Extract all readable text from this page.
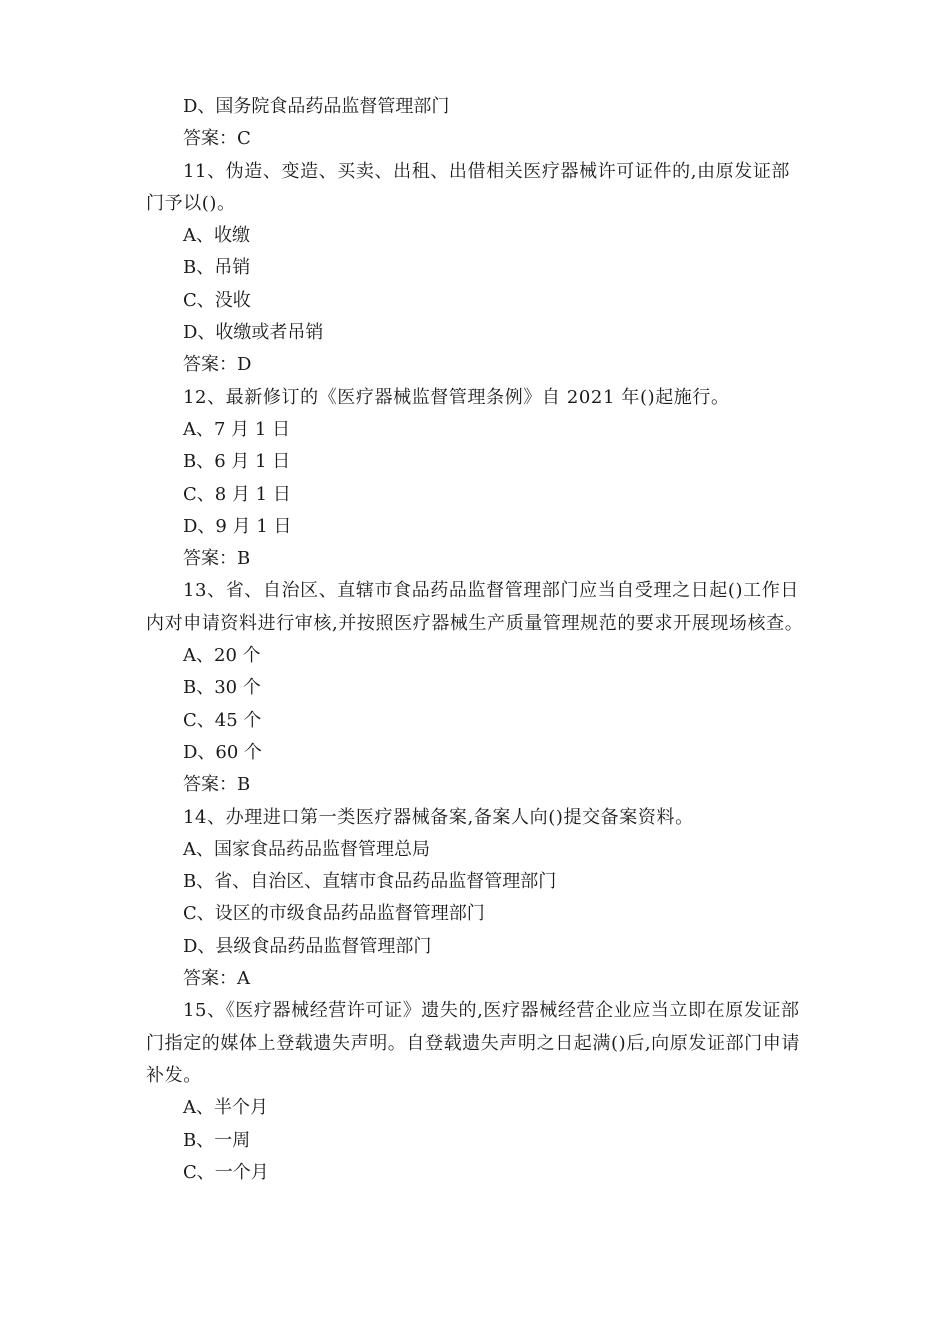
D、国务院食品药品监督管理部门

答案：C

11、伪造、变造、买卖、出租、出借相关医疗器械许可证件的,由原发证部门予以()。

A、收缴

B、吊销

C、没收

D、收缴或者吊销

答案：D

12、最新修订的《医疗器械监督管理条例》自 2021 年()起施行。

A、7 月 1 日

B、6 月 1 日

C、8 月 1 日

D、9 月 1 日

答案：B

13、省、自治区、直辖市食品药品监督管理部门应当自受理之日起()工作日内对申请资料进行审核,并按照医疗器械生产质量管理规范的要求开展现场核查。

A、20 个

B、30 个

C、45 个

D、60 个

答案：B

14、办理进口第一类医疗器械备案,备案人向()提交备案资料。

A、国家食品药品监督管理总局

B、省、自治区、直辖市食品药品监督管理部门

C、设区的市级食品药品监督管理部门

D、县级食品药品监督管理部门

答案：A

15、《医疗器械经营许可证》遗失的,医疗器械经营企业应当立即在原发证部门指定的媒体上登载遗失声明。自登载遗失声明之日起满()后,向原发证部门申请补发。

A、半个月

B、一周

C、一个月
